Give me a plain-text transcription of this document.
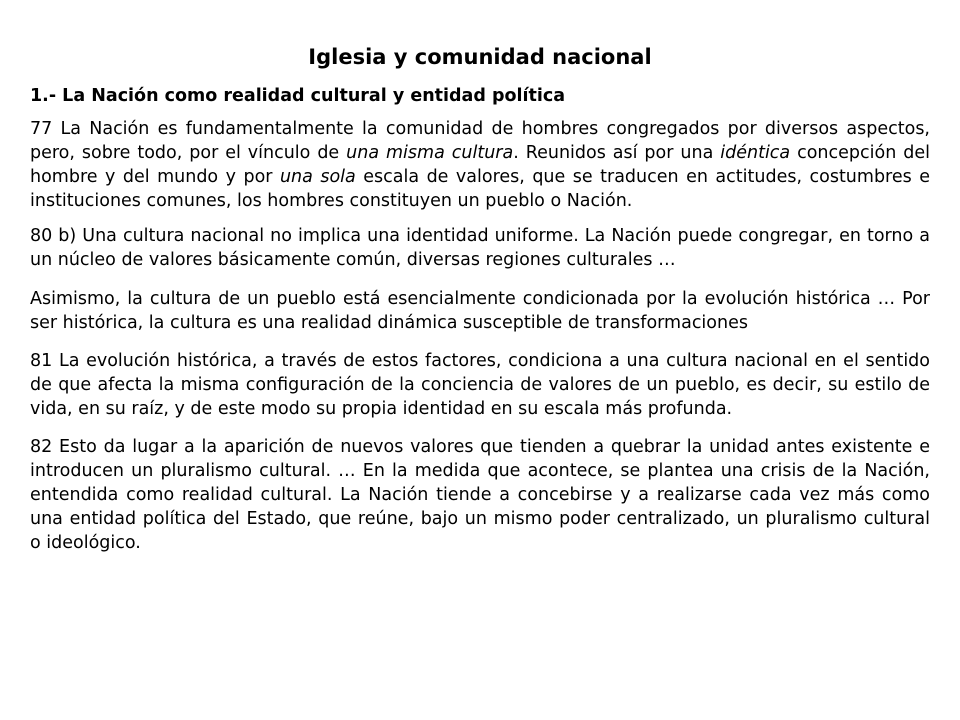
Iglesia y comunidad nacional
1.- La Nación como realidad cultural y entidad política

77 La Nación es fundamentalmente la comunidad de hombres congregados por diversos aspectos, pero, sobre todo, por el vínculo de una misma cultura. Reunidos así por una idéntica concepción del hombre y del mundo y por una sola escala de valores, que se traducen en actitudes, costumbres e instituciones comunes, los hombres constituyen un pueblo o Nación.

80 b) Una cultura nacional no implica una identidad uniforme. La Nación puede congregar, en torno a un núcleo de valores básicamente común, diversas regiones culturales …

Asimismo, la cultura de un pueblo está esencialmente condicionada por la evolución histórica … Por ser histórica, la cultura es una realidad dinámica susceptible de transformaciones

81 La evolución histórica, a través de estos factores, condiciona a una cultura nacional en el sentido de que afecta la misma configuración de la conciencia de valores de un pueblo, es decir, su estilo de vida, en su raíz, y de este modo su propia identidad en su escala más profunda.

82 Esto da lugar a la aparición de nuevos valores que tienden a quebrar la unidad antes existente e introducen un pluralismo cultural. … En la medida que acontece, se plantea una crisis de la Nación, entendida como realidad cultural. La Nación tiende a concebirse y a realizarse cada vez más como una entidad política del Estado, que reúne, bajo un mismo poder centralizado, un pluralismo cultural o ideológico.
